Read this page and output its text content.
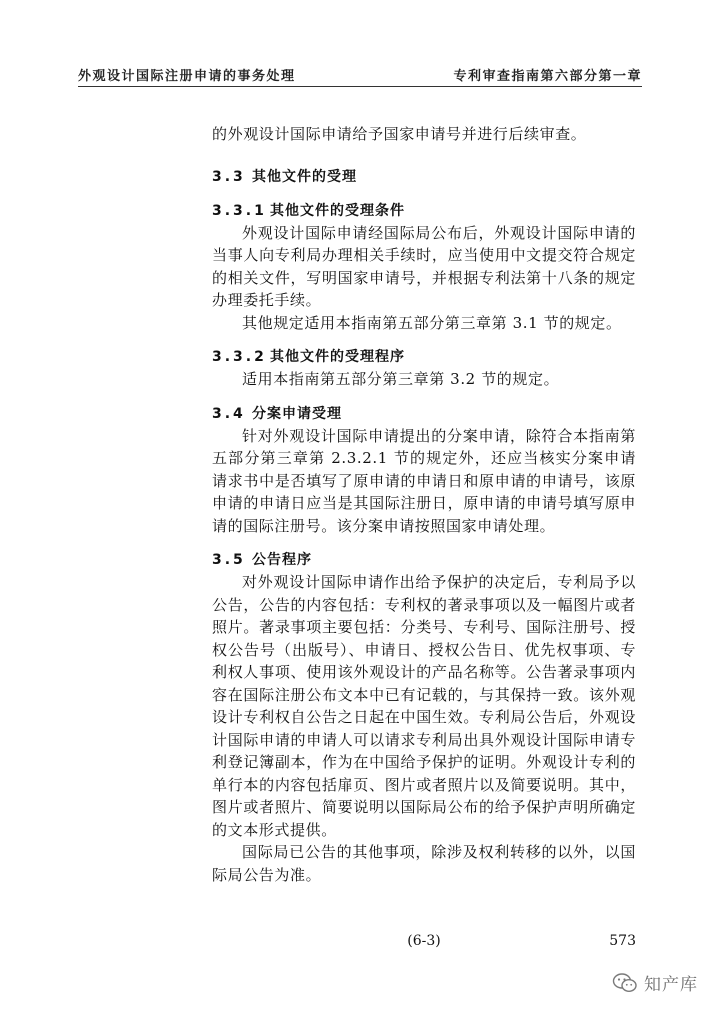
外观设计国际注册申请的事务处理	专利审查指南第六部分第一章

的外观设计国际申请给予国家申请号并进行后续审查。

3.3 其他文件的受理

3.3.1 其他文件的受理条件

外观设计国际申请经国际局公布后，外观设计国际申请的当事人向专利局办理相关手续时，应当使用中文提交符合规定的相关文件，写明国家申请号，并根据专利法第十八条的规定办理委托手续。

其他规定适用本指南第五部分第三章第 3.1 节的规定。

3.3.2 其他文件的受理程序

适用本指南第五部分第三章第 3.2 节的规定。

3.4 分案申请受理

针对外观设计国际申请提出的分案申请，除符合本指南第五部分第三章第 2.3.2.1 节的规定外，还应当核实分案申请请求书中是否填写了原申请的申请日和原申请的申请号，该原申请的申请日应当是其国际注册日，原申请的申请号填写原申请的国际注册号。该分案申请按照国家申请处理。

3.5 公告程序

对外观设计国际申请作出给予保护的决定后，专利局予以公告，公告的内容包括：专利权的著录事项以及一幅图片或者照片。著录事项主要包括：分类号、专利号、国际注册号、授权公告号（出版号）、申请日、授权公告日、优先权事项、专利权人事项、使用该外观设计的产品名称等。公告著录事项内容在国际注册公布文本中已有记载的，与其保持一致。该外观设计专利权自公告之日起在中国生效。专利局公告后，外观设计国际申请的申请人可以请求专利局出具外观设计国际申请专利登记簿副本，作为在中国给予保护的证明。外观设计专利的单行本的内容包括扉页、图片或者照片以及简要说明。其中，图片或者照片、简要说明以国际局公布的给予保护声明所确定的文本形式提供。

国际局已公告的其他事项，除涉及权利转移的以外，以国际局公告为准。

(6-3)	573
知产库
